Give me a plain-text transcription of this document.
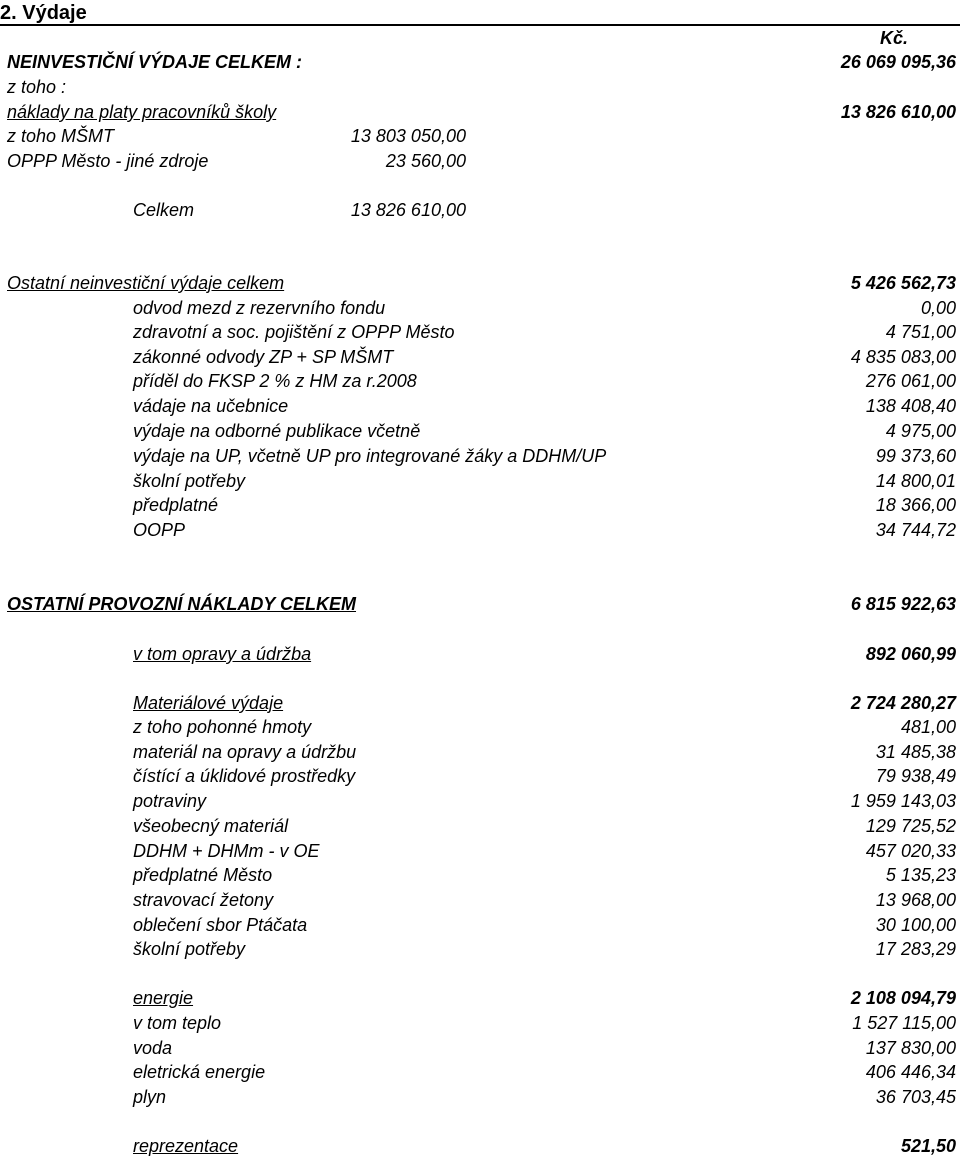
2. Výdaje
Kč.
NEINVESTIČNÍ VÝDAJE CELKEM :	26 069 095,36
z toho :
náklady na platy pracovníků školy	13 826 610,00
z toho MŠMT	13 803 050,00
OPPP Město - jiné zdroje	23 560,00
Celkem	13 826 610,00
Ostatní neinvestiční výdaje celkem	5 426 562,73
odvod mezd z rezervního fondu	0,00
zdravotní a soc. pojištění z OPPP Město	4 751,00
zákonné odvody ZP + SP MŠMT	4 835 083,00
příděl do FKSP 2 % z HM za r.2008	276 061,00
vádaje na učebnice	138 408,40
výdaje na odborné publikace včetně	4 975,00
výdaje na UP, včetně UP pro integrované žáky a DDHM/UP	99 373,60
školní potřeby	14 800,01
předplatné	18 366,00
OOPP	34 744,72
OSTATNÍ PROVOZNÍ NÁKLADY CELKEM	6 815 922,63
v tom opravy a údržba	892 060,99
Materiálové výdaje	2 724 280,27
z toho pohonné hmoty	481,00
materiál na opravy a údržbu	31 485,38
čístící a úklidové prostředky	79 938,49
potraviny	1 959 143,03
všeobecný materiál	129 725,52
DDHM + DHMm - v OE	457 020,33
předplatné Město	5 135,23
stravovací žetony	13 968,00
oblečení sbor Ptáčata	30 100,00
školní potřeby	17 283,29
energie	2 108 094,79
v tom teplo	1 527 115,00
voda	137 830,00
eletrická energie	406 446,34
plyn	36 703,45
reprezentace	521,50
